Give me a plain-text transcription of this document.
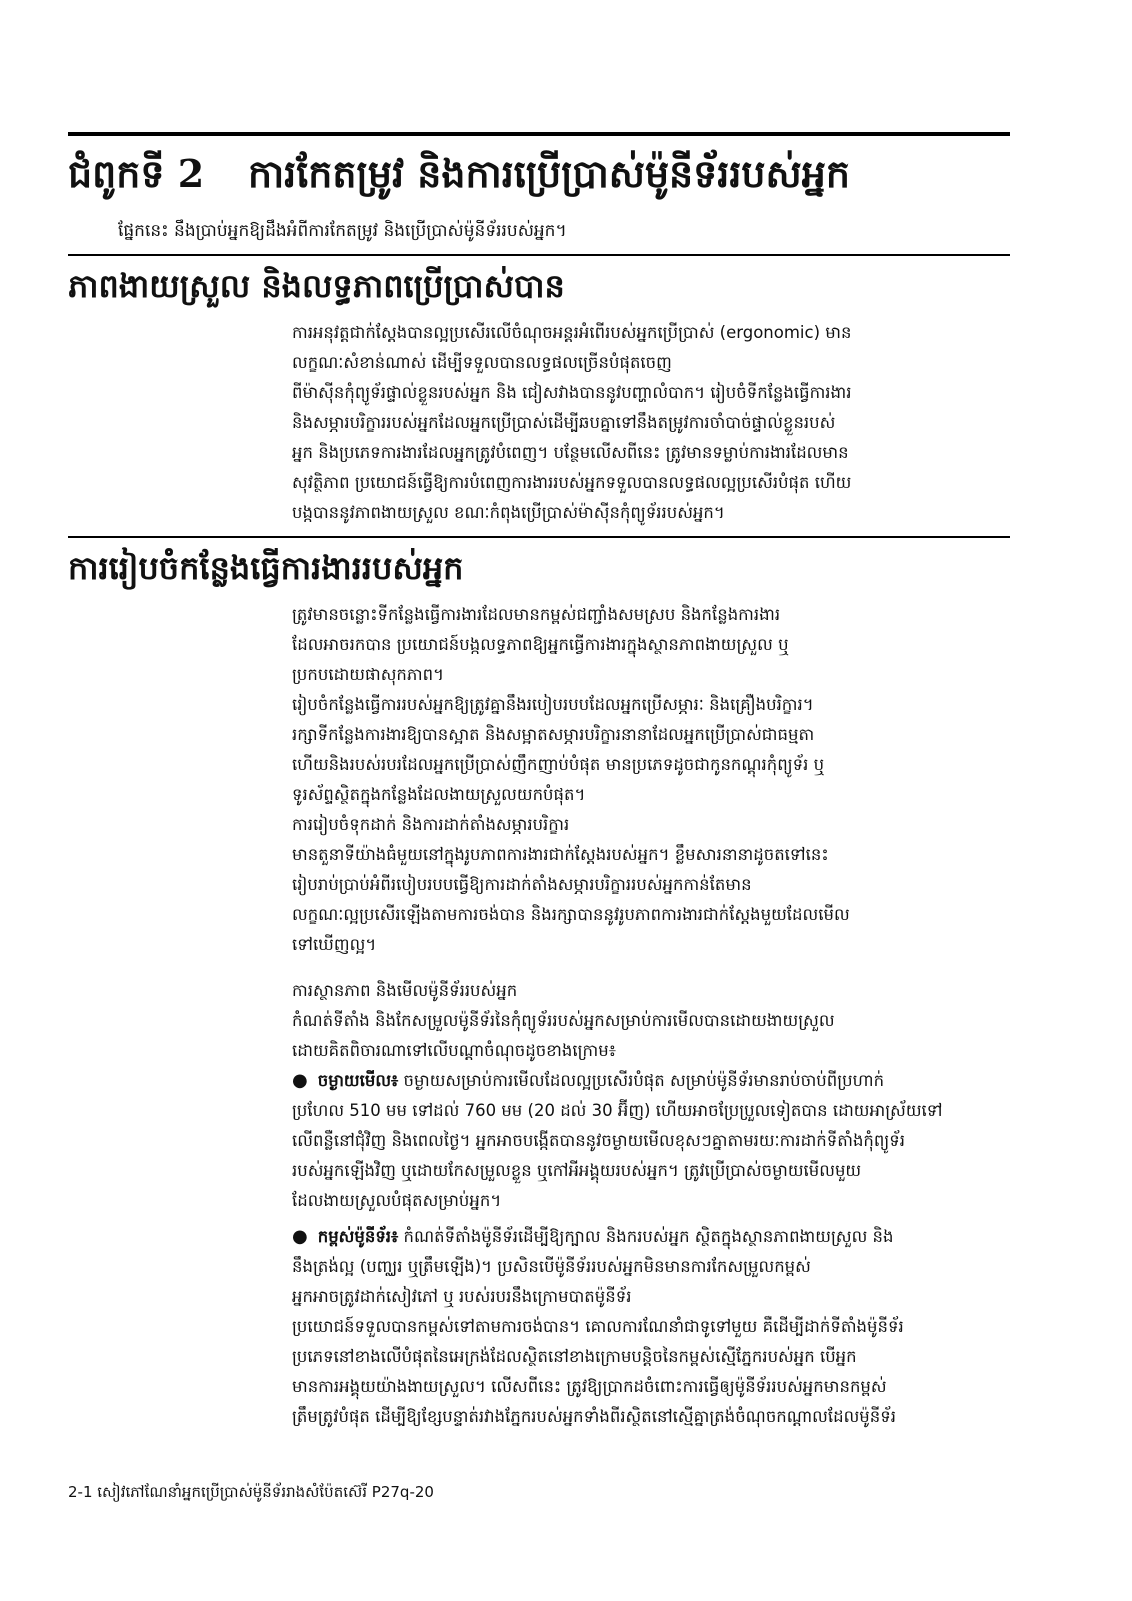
ជំពូកទី 2 ការកែតម្រូវ និងការប្រើប្រាស់ម៉ូនីទ័ររបស់អ្នក
ផ្នែកនេះ នឹងប្រាប់អ្នកឱ្យដឹងអំពីការកែតម្រូវ និងប្រើប្រាស់ម៉ូនីទ័ររបស់អ្នក។
ភាពងាយស្រួល និងលទ្ធភាពប្រើប្រាស់បាន

ការអនុវត្តជាក់ស្តែងបានល្អប្រសើរលើចំណុចអន្តរអំពើរបស់អ្នកប្រើប្រាស់ (ergonomic) មាន

លក្ខណៈសំខាន់ណាស់ ដើម្បីទទួលបានលទ្ធផលច្រើនបំផុតចេញ

ពីម៉ាស៊ីនកុំព្យូទ័រផ្ទាល់ខ្លួនរបស់អ្នក និង ជៀសវាងបាននូវបញ្ហាលំបាក។ រៀបចំទីកន្លែងធ្វើការងារ

និងសម្ភារបរិក្ខាររបស់អ្នកដែលអ្នកប្រើប្រាស់ដើម្បីឆបគ្នាទៅនឹងតម្រូវការចាំបាច់ផ្ទាល់ខ្លួនរបស់

អ្នក និងប្រភេទការងារដែលអ្នកត្រូវបំពេញ។ បន្ថែមលើសពីនេះ ត្រូវមានទម្លាប់ការងារដែលមាន

សុវត្ថិភាព ប្រយោជន៍ធ្វើឱ្យការបំពេញការងាររបស់អ្នកទទួលបានលទ្ធផលល្អប្រសើរបំផុត ហើយ

បង្កបាននូវភាពងាយស្រួល ខណៈកំពុងប្រើប្រាស់ម៉ាស៊ីនកុំព្យូទ័ររបស់អ្នក។

ការរៀបចំកន្លែងធ្វើការងាររបស់អ្នក

ត្រូវមានចន្លោះទីកន្លែងធ្វើការងារដែលមានកម្ពស់ជញ្ជាំងសមស្រប និងកន្លែងការងារ

ដែលអាចរកបាន ប្រយោជន៍បង្កលទ្ធភាពឱ្យអ្នកធ្វើការងារក្នុងស្ថានភាពងាយស្រួល ឬ

ប្រកបដោយផាសុកភាព។

រៀបចំកន្លែងធ្វើការរបស់អ្នកឱ្យត្រូវគ្នានឹងរបៀបរបបដែលអ្នកប្រើសម្ភារៈ និងគ្រឿងបរិក្ខារ។

រក្សាទីកន្លែងការងារឱ្យបានស្អាត និងសម្អាតសម្ភារបរិក្ខារនានាដែលអ្នកប្រើប្រាស់ជាធម្មតា

ហើយនិងរបស់របរដែលអ្នកប្រើប្រាស់ញឹកញាប់បំផុត មានប្រភេទដូចជាកូនកណ្តុរកុំព្យូទ័រ ឬ

ទូរស័ព្ទស្ថិតក្នុងកន្លែងដែលងាយស្រួលយកបំផុត។

ការរៀបចំទុកដាក់ និងការដាក់តាំងសម្ភារបរិក្ខារ

មានតួនាទីយ៉ាងធំមួយនៅក្នុងរូបភាពការងារជាក់ស្តែងរបស់អ្នក។ ខ្លឹមសារនានាដូចតទៅនេះ

រៀបរាប់ប្រាប់អំពីរបៀបរបបធ្វើឱ្យការដាក់តាំងសម្ភារបរិក្ខាររបស់អ្នកកាន់តែមាន

លក្ខណៈល្អប្រសើរឡើងតាមការចង់បាន និងរក្សាបាននូវរូបភាពការងារជាក់ស្តែងមួយដែលមើល

ទៅឃើញល្អ។

ការស្ថានភាព និងមើលម៉ូនីទ័ររបស់អ្នក

កំណត់ទីតាំង និងកែសម្រួលម៉ូនីទ័រនៃកុំព្យូទ័ររបស់អ្នកសម្រាប់ការមើលបានដោយងាយស្រួល

ដោយគិតពិចារណាទៅលើបណ្តាចំណុចដូចខាងក្រោម៖

● ចម្ងាយមើល៖ ចម្ងាយសម្រាប់ការមើលដែលល្អប្រសើរបំផុត សម្រាប់ម៉ូនីទ័រមានរាប់ចាប់ពីប្រហាក់

ប្រហែល 510 មម ទៅដល់ 760 មម (20 ដល់ 30 អ៊ីញ) ហើយអាចប្រែប្រួលទៀតបាន ដោយអាស្រ័យទៅ

លើពន្លឺនៅជុំវិញ និងពេលថ្ងៃ។ អ្នកអាចបង្កើតបាននូវចម្ងាយមើលខុសៗគ្នាតាមរយៈការដាក់ទីតាំងកុំព្យូទ័រ

របស់អ្នកឡើងវិញ ឬដោយកែសម្រួលខ្លួន ឬកៅអីអង្គុយរបស់អ្នក។ ត្រូវប្រើប្រាស់ចម្ងាយមើលមួយ

ដែលងាយស្រួលបំផុតសម្រាប់អ្នក។

● កម្ពស់ម៉ូនីទ័រ៖ កំណត់ទីតាំងម៉ូនីទ័រដើម្បីឱ្យក្បាល និងករបស់អ្នក ស្ថិតក្នុងស្ថានភាពងាយស្រួល និង

នឹងត្រង់ល្អ (បញ្ឈរ ឬត្រឹមឡើង)។ ប្រសិនបើម៉ូនីទ័ររបស់អ្នកមិនមានការកែសម្រួលកម្ពស់

អ្នកអាចត្រូវដាក់សៀវភៅ ឬ របស់របរនឹងក្រោមបាតម៉ូនីទ័រ

ប្រយោជន៍ទទួលបានកម្ពស់ទៅតាមការចង់បាន។ គោលការណែនាំជាទូទៅមួយ គឺដើម្បីដាក់ទីតាំងម៉ូនីទ័រ

ប្រភេទនៅខាងលើបំផុតនៃអេក្រង់ដែលស្ថិតនៅខាងក្រោមបន្តិចនៃកម្ពស់ស្មើភ្នែករបស់អ្នក បើអ្នក

មានការអង្គុយយ៉ាងងាយស្រួល។ លើសពីនេះ ត្រូវឱ្យប្រាកដចំពោះការធ្វើឲ្យម៉ូនីទ័ររបស់អ្នកមានកម្ពស់

ត្រឹមត្រូវបំផុត ដើម្បីឱ្យខ្សែបន្ទាត់រវាងភ្នែករបស់អ្នកទាំងពីរស្ថិតនៅស្មើគ្នាត្រង់ចំណុចកណ្តាលដែលម៉ូនីទ័រ

2-1 សៀវភៅណែនាំអ្នកប្រើប្រាស់ម៉ូនីទ័ររាងសំប៉ែតស៊េរី P27q-20
